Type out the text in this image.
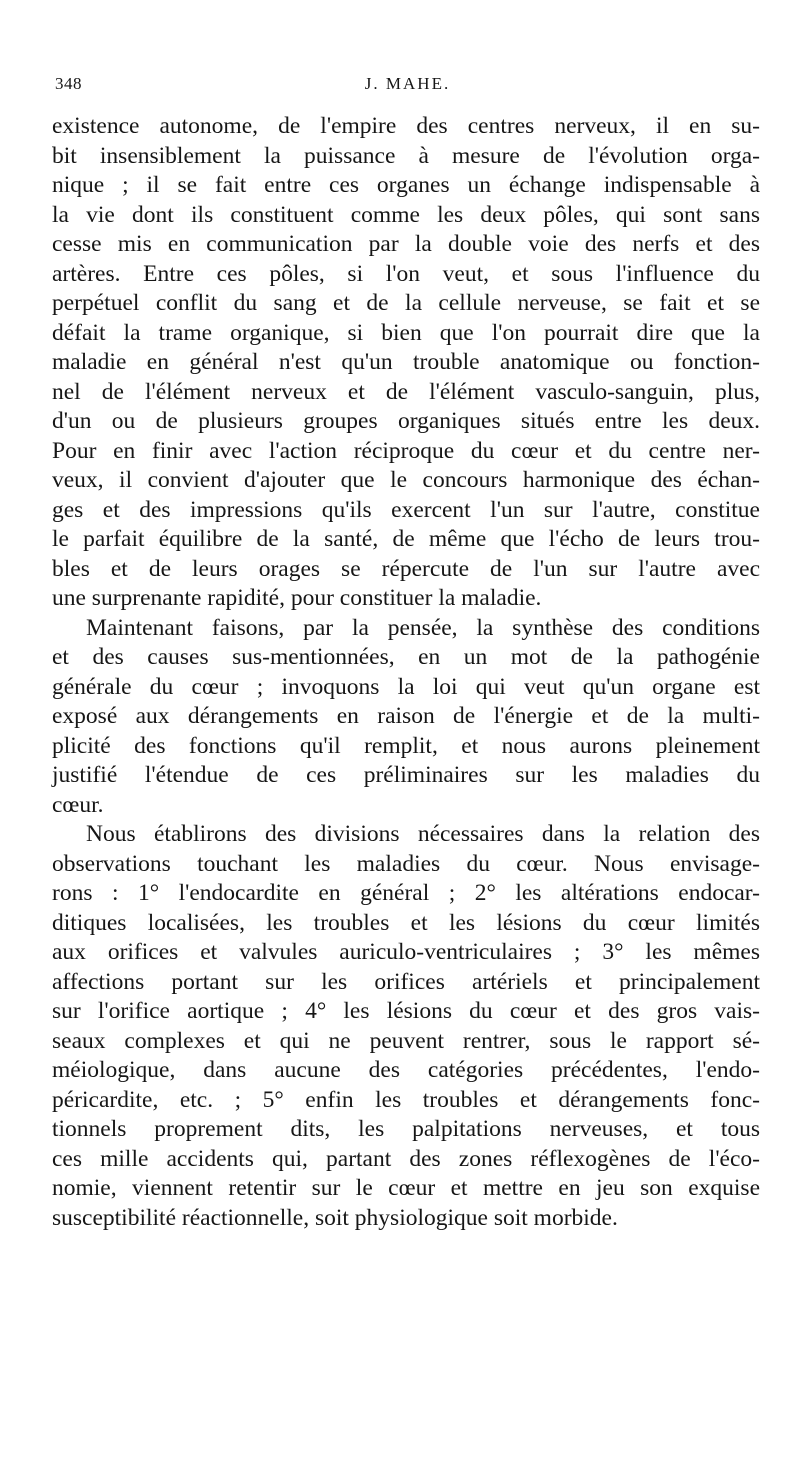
348	J. MAHE.
existence autonome, de l'empire des centres nerveux, il en su-
bit insensiblement la puissance à mesure de l'évolution orga-
nique ; il se fait entre ces organes un échange indispensable à
la vie dont ils constituent comme les deux pôles, qui sont sans
cesse mis en communication par la double voie des nerfs et des
artères. Entre ces pôles, si l'on veut, et sous l'influence du
perpétuel conflit du sang et de la cellule nerveuse, se fait et se
défait la trame organique, si bien que l'on pourrait dire que la
maladie en général n'est qu'un trouble anatomique ou fonction-
nel de l'élément nerveux et de l'élément vasculo-sanguin, plus,
d'un ou de plusieurs groupes organiques situés entre les deux.
Pour en finir avec l'action réciproque du cœur et du centre ner-
veux, il convient d'ajouter que le concours harmonique des échan-
ges et des impressions qu'ils exercent l'un sur l'autre, constitue
le parfait équilibre de la santé, de même que l'écho de leurs trou-
bles et de leurs orages se répercute de l'un sur l'autre avec
une surprenante rapidité, pour constituer la maladie.
Maintenant faisons, par la pensée, la synthèse des conditions
et des causes sus-mentionnées, en un mot de la pathogénie
générale du cœur ; invoquons la loi qui veut qu'un organe est
exposé aux dérangements en raison de l'énergie et de la multi-
plicité des fonctions qu'il remplit, et nous aurons pleinement
justifié l'étendue de ces préliminaires sur les maladies du
cœur.
Nous établirons des divisions nécessaires dans la relation des
observations touchant les maladies du cœur. Nous envisage-
rons : 1° l'endocardite en général ; 2° les altérations endocar-
ditiques localisées, les troubles et les lésions du cœur limités
aux orifices et valvules auriculo-ventriculaires ; 3° les mêmes
affections portant sur les orifices artériels et principalement
sur l'orifice aortique ; 4° les lésions du cœur et des gros vais-
seaux complexes et qui ne peuvent rentrer, sous le rapport sé-
méiologique, dans aucune des catégories précédentes, l'endo-
péricardite, etc. ; 5° enfin les troubles et dérangements fonc-
tionnels proprement dits, les palpitations nerveuses, et tous
ces mille accidents qui, partant des zones réflexogènes de l'éco-
nomie, viennent retentir sur le cœur et mettre en jeu son exquise
susceptibilité réactionnelle, soit physiologique soit morbide.
